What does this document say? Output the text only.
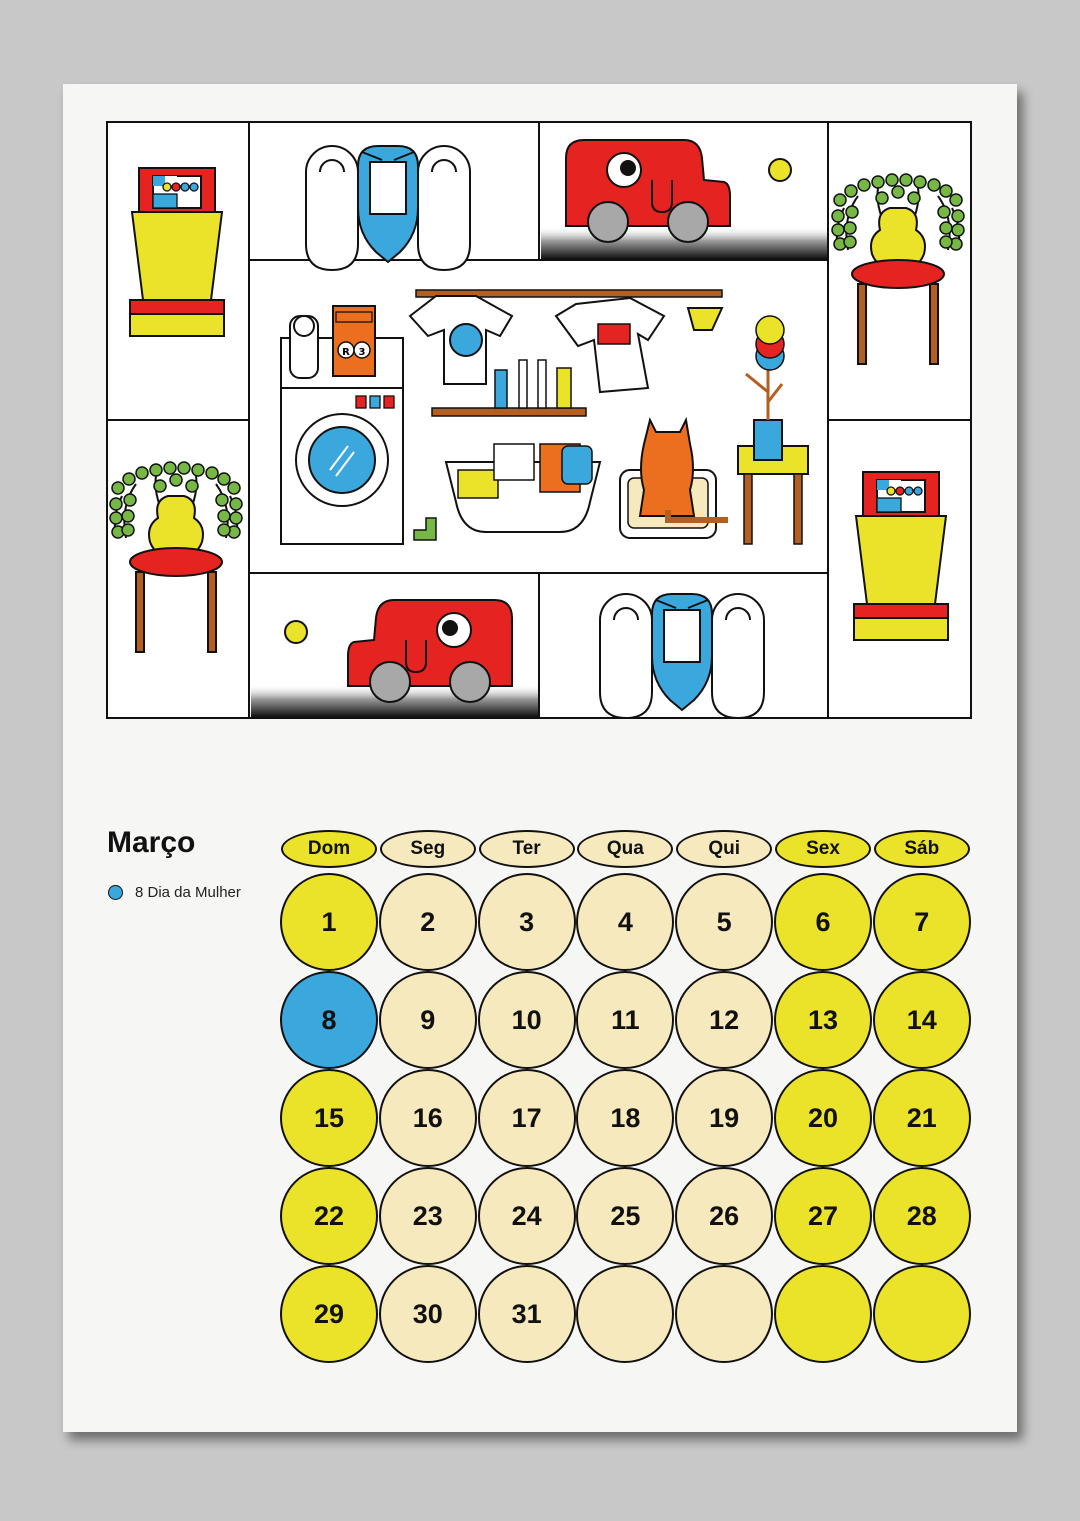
R 3
Março
8 Dia da Mulher
Dom	Seg	Ter	Qua	Qui	Sex	Sáb
1	2	3	4	5	6	7
8	9	10	11	12	13	14
15	16	17	18	19	20	21
22	23	24	25	26	27	28
29	30	31
